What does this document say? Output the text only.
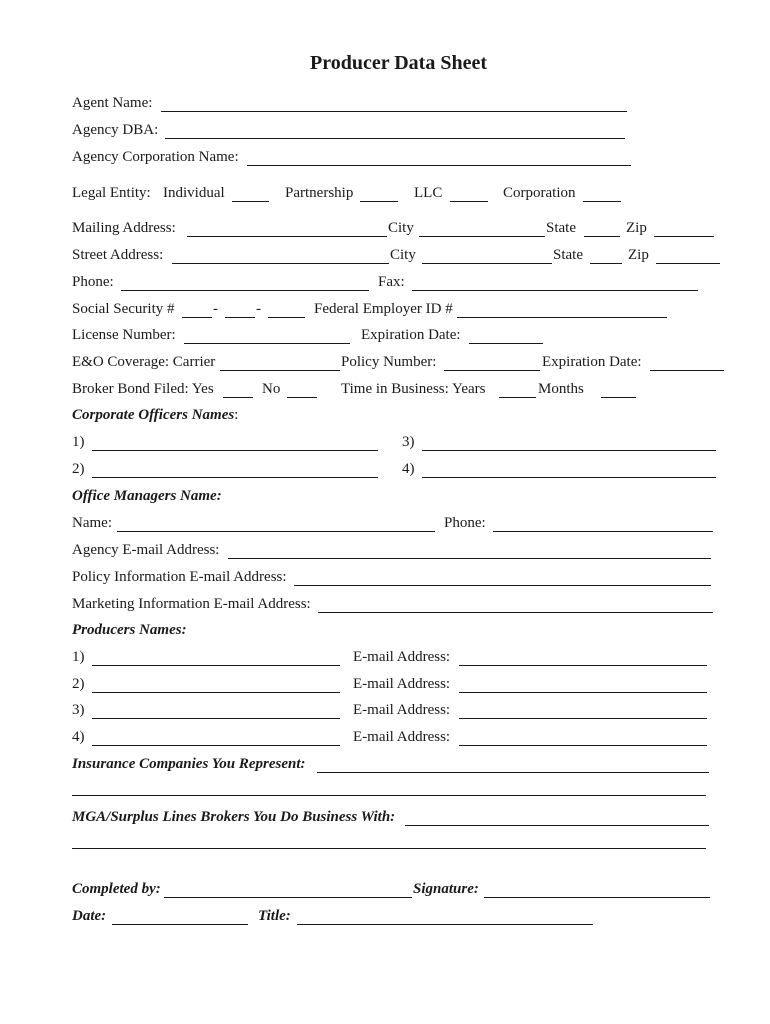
Producer Data Sheet
Agent Name:
Agency DBA:
Agency Corporation Name:
Legal Entity: Individual	Partnership	LLC	Corporation
Mailing Address:	City	State	Zip
Street Address:	City	State	Zip
Phone:	Fax:
Social Security #	-	-	Federal Employer ID #
License Number:	Expiration Date:
E&O Coverage: Carrier	Policy Number:	Expiration Date:
Broker Bond Filed: Yes	No	Time in Business: Years	Months
Corporate Officers Names:
1)	3)
2)	4)
Office Managers Name:
Name:	Phone:
Agency E-mail Address:
Policy Information E-mail Address:
Marketing Information E-mail Address:
Producers Names:
1)	E-mail Address:
2)	E-mail Address:
3)	E-mail Address:
4)	E-mail Address:
Insurance Companies You Represent:
MGA/Surplus Lines Brokers You Do Business With:
Completed by:	Signature:
Date:	Title:
